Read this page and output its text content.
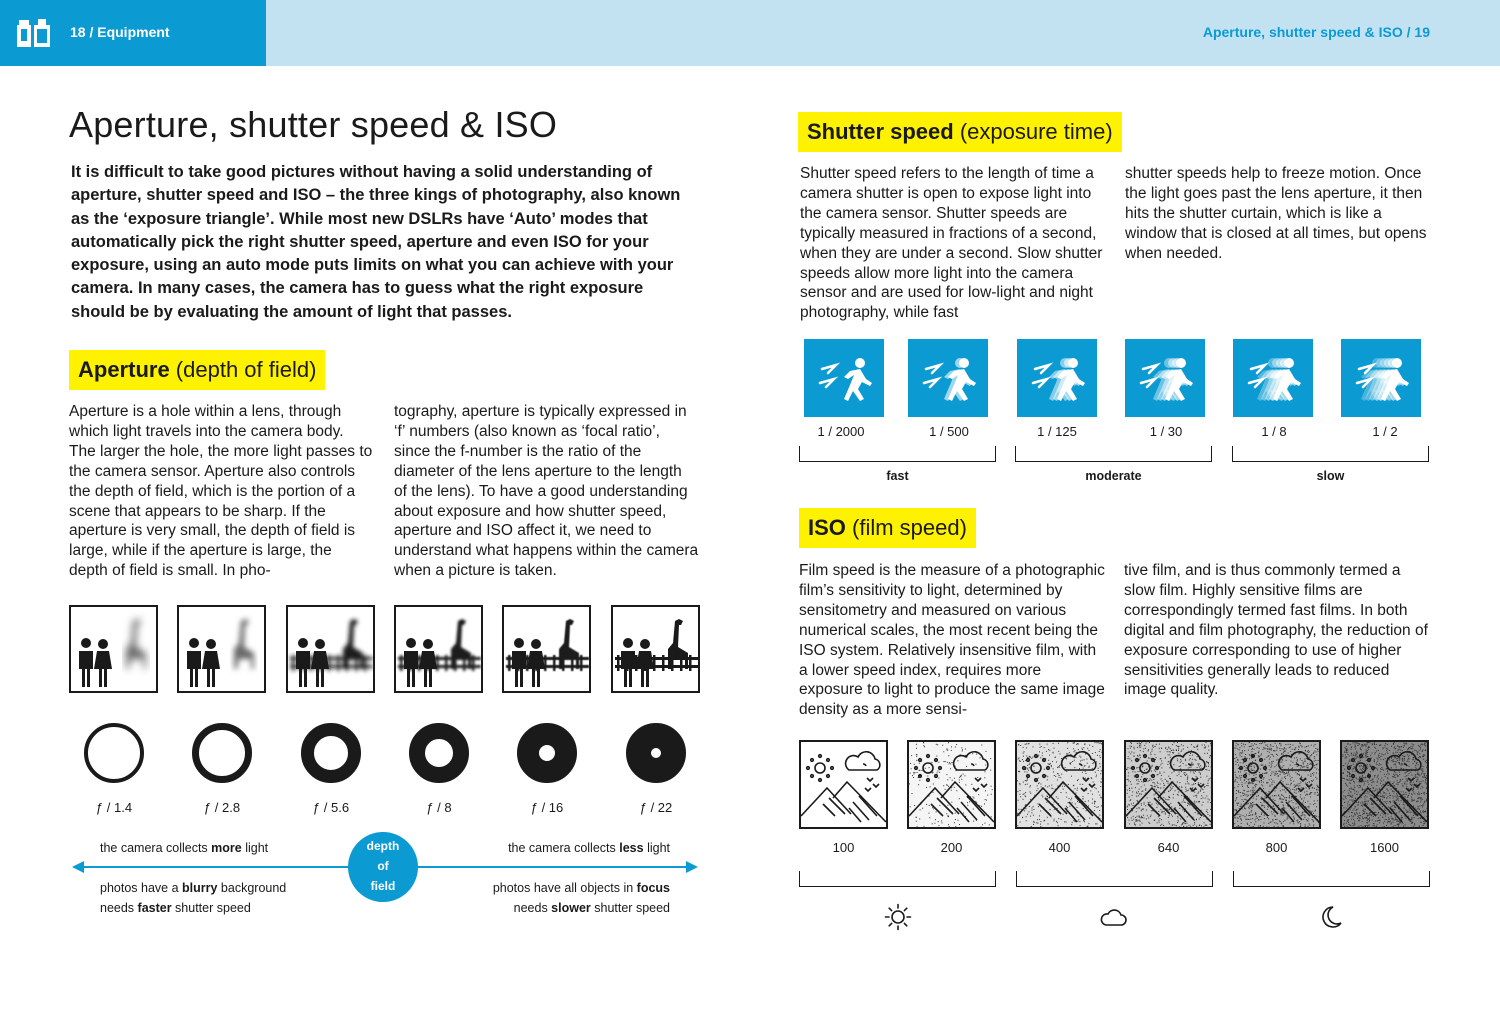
18 / Equipment	Aperture, shutter speed & ISO / 19
Aperture, shutter speed & ISO
It is difficult to take good pictures without having a solid understanding of aperture, shutter speed and ISO – the three kings of photography, also known as the ‘exposure triangle’. While most new DSLRs have ‘Auto’ modes that automatically pick the right shutter speed, aperture and even ISO for your exposure, using an auto mode puts limits on what you can achieve with your camera. In many cases, the camera has to guess what the right exposure should be by evaluating the amount of light that passes.
Aperture (depth of field)
Aperture is a hole within a lens, through which light travels into the camera body. The larger the hole, the more light passes to the camera sensor. Aperture also controls the depth of field, which is the portion of a scene that appears to be sharp. If the aperture is very small, the depth of field is large, while if the aperture is large, the depth of field is small. In pho-
tography, aperture is typically expressed in ‘f’ numbers (also known as ‘focal ratio’, since the f-number is the ratio of the diameter of the lens aperture to the length of the lens). To have a good understanding about exposure and how shutter speed, aperture and ISO affect it, we need to understand what happens within the camera when a picture is taken.
ƒ / 1.4	ƒ / 2.8	ƒ / 5.6	ƒ / 8	ƒ / 16	ƒ / 22
depth
of
field
the camera collects more light
photos have a blurry background
needs faster shutter speed
the camera collects less light
photos have all objects in focus
needs slower shutter speed
Shutter speed (exposure time)
Shutter speed refers to the length of time a camera shutter is open to expose light into the camera sensor. Shutter speeds are typically measured in fractions of a second, when they are under a second. Slow shutter speeds allow more light into the camera sensor and are used for low-light and night photography, while fast
shutter speeds help to freeze motion. Once the light goes past the lens aperture, it then hits the shutter curtain, which is like a window that is closed at all times, but opens when needed.
1 / 2000	1 / 500	1 / 125	1 / 30	1 / 8	1 / 2
fast	moderate	slow
ISO (film speed)
Film speed is the measure of a photographic film’s sensitivity to light, determined by sensitometry and measured on various numerical scales, the most recent being the ISO system. Relatively insensitive film, with a lower speed index, requires more exposure to light to produce the same image density as a more sensi-
tive film, and is thus commonly termed a slow film. Highly sensitive films are correspondingly termed fast films. In both digital and film photography, the reduction of exposure corresponding to use of higher sensitivities generally leads to reduced image quality.
100	200	400	640	800	1600
